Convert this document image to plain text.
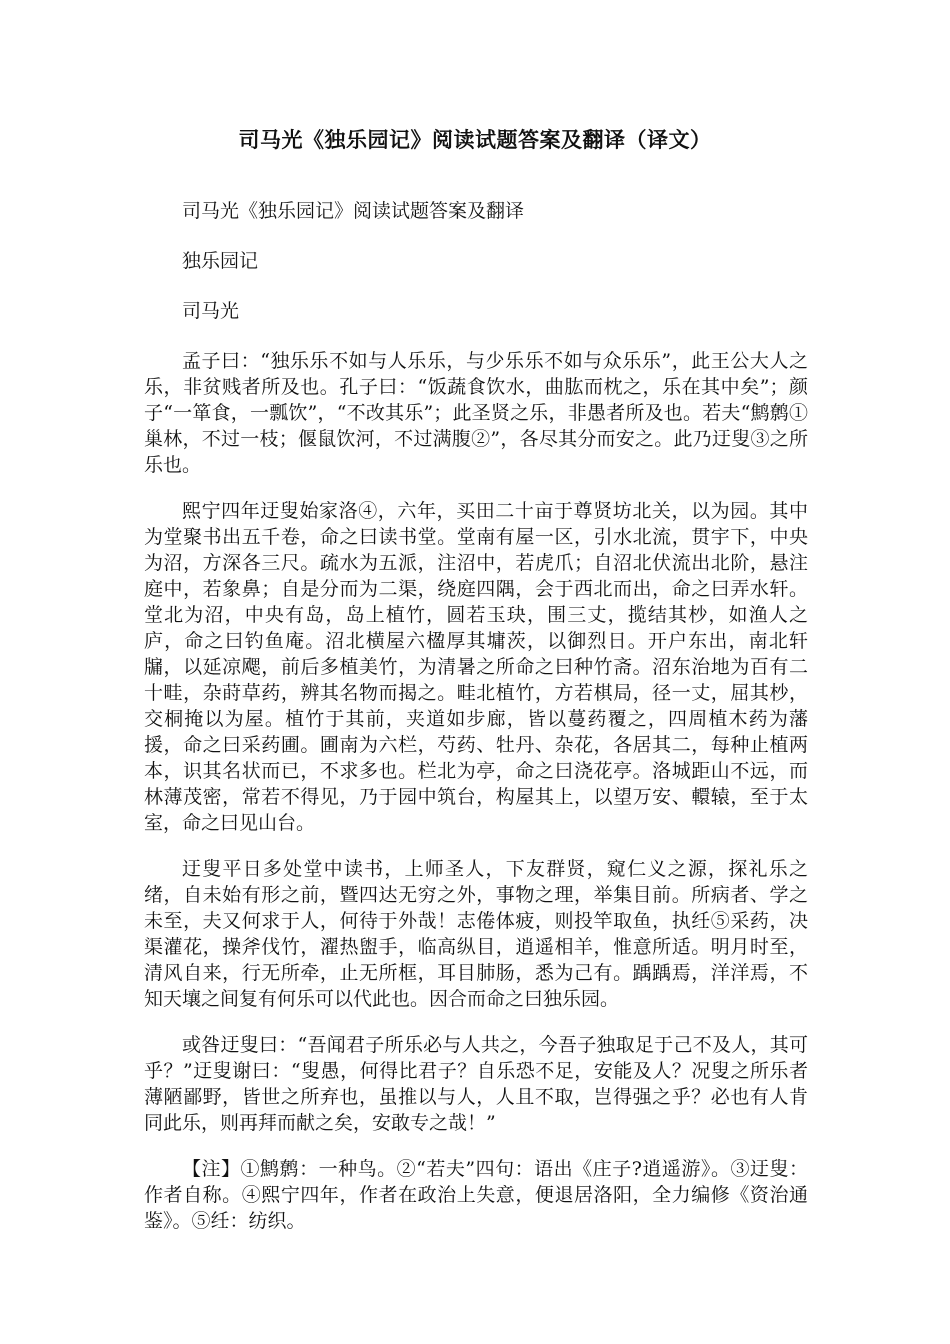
司马光《独乐园记》阅读试题答案及翻译（译文）

司马光《独乐园记》阅读试题答案及翻译

独乐园记

司马光

孟子曰：“独乐乐不如与人乐乐，与少乐乐不如与众乐乐”，此王公大人之乐，非贫贱者所及也。孔子曰：“饭蔬食饮水，曲肱而枕之，乐在其中矣”；颜子“一箪食，一瓢饮”，“不改其乐”；此圣贤之乐，非愚者所及也。若夫“鹪鹩①巢林，不过一枝；偃鼠饮河，不过满腹②”，各尽其分而安之。此乃迂叟③之所乐也。

熙宁四年迂叟始家洛④，六年，买田二十亩于尊贤坊北关，以为园。其中为堂聚书出五千卷，命之曰读书堂。堂南有屋一区，引水北流，贯宇下，中央为沼，方深各三尺。疏水为五派，注沼中，若虎爪；自沼北伏流出北阶，悬注庭中，若象鼻；自是分而为二渠，绕庭四隅，会于西北而出，命之曰弄水轩。堂北为沼，中央有岛，岛上植竹，圆若玉玦，围三丈，揽结其杪，如渔人之庐，命之曰钓鱼庵。沼北横屋六楹厚其墉茨，以御烈日。开户东出，南北轩牖，以延凉飔，前后多植美竹，为清暑之所命之曰种竹斋。沼东治地为百有二十畦，杂莳草药，辨其名物而揭之。畦北植竹，方若棋局，径一丈，屈其杪，交桐掩以为屋。植竹于其前，夹道如步廊，皆以蔓药覆之，四周植木药为藩援，命之曰采药圃。圃南为六栏，芍药、牡丹、杂花，各居其二，每种止植两本，识其名状而已，不求多也。栏北为亭，命之曰浇花亭。洛城距山不远，而林薄茂密，常若不得见，乃于园中筑台，构屋其上，以望万安、轘辕，至于太室，命之曰见山台。

迂叟平日多处堂中读书，上师圣人，下友群贤，窥仁义之源，探礼乐之绪，自未始有形之前，暨四达无穷之外，事物之理，举集目前。所病者、学之未至，夫又何求于人，何待于外哉！志倦体疲，则投竿取鱼，执纴⑤采药，决渠灌花，操斧伐竹，濯热盥手，临高纵目，逍遥相羊，惟意所适。明月时至，清风自来，行无所牵，止无所框，耳目肺肠，悉为己有。踽踽焉，洋洋焉，不知天壤之间复有何乐可以代此也。因合而命之曰独乐园。

或咎迂叟曰：“吾闻君子所乐必与人共之，今吾子独取足于己不及人，其可乎？”迂叟谢曰：“叟愚，何得比君子？自乐恐不足，安能及人？况叟之所乐者薄陋鄙野，皆世之所弃也，虽推以与人，人且不取，岂得强之乎？必也有人肯同此乐，则再拜而献之矣，安敢专之哉！”

【注】①鹪鹩：一种鸟。②“若夫”四句：语出《庄子?逍遥游》。③迂叟：作者自称。④熙宁四年，作者在政治上失意，便退居洛阳，全力编修《资治通鉴》。⑤纴：纺织。
